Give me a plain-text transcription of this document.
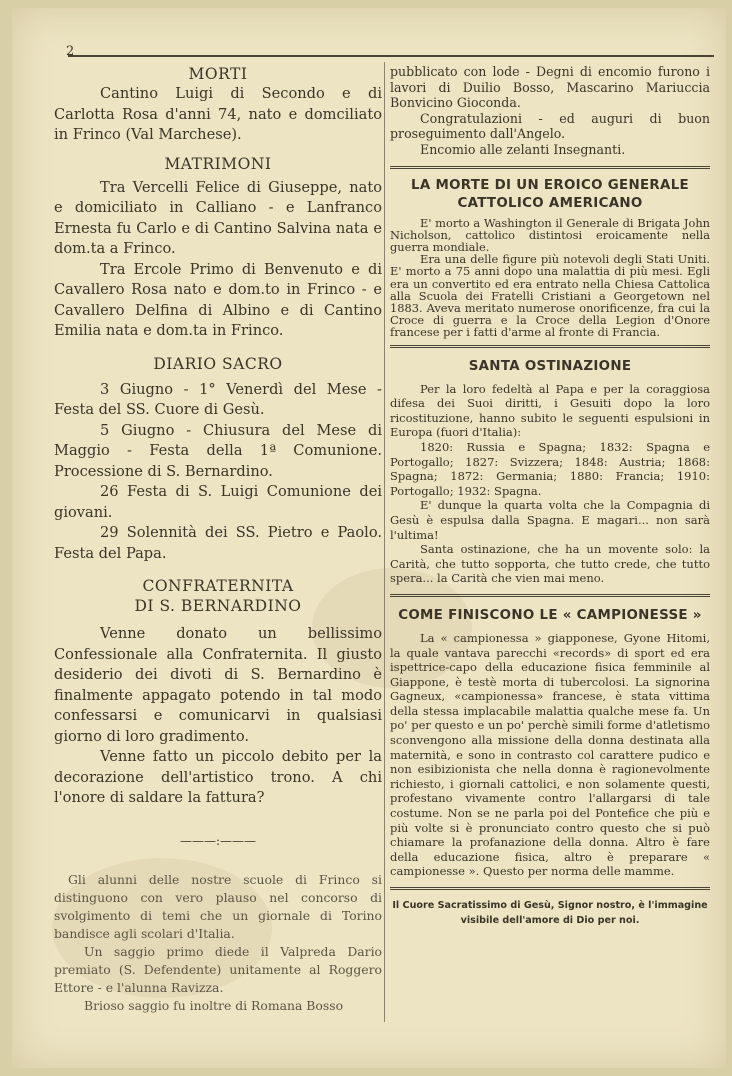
2
MORTI

Cantino Luigi di Secondo e di Carlotta Rosa d'anni 74, nato e domciliato in Frinco (Val Marchese).

MATRIMONI

Tra Vercelli Felice di Giuseppe, nato e domiciliato in Calliano - e Lanfranco Ernesta fu Carlo e di Cantino Salvina nata e dom.ta a Frinco.

Tra Ercole Primo di Benvenuto e di Cavallero Rosa nato e dom.to in Frinco - e Cavallero Delfina di Albino e di Cantino Emilia nata e dom.ta in Frinco.

DIARIO SACRO

3 Giugno - 1° Venerdì del Mese - Festa del SS. Cuore di Gesù.

5 Giugno - Chiusura del Mese di Maggio - Festa della 1ª Comunione. Processione di S. Bernardino.

26 Festa di S. Luigi Comunione dei giovani.

29 Solennità dei SS. Pietro e Paolo. Festa del Papa.

CONFRATERNITA
DI S. BERNARDINO

Venne donato un bellissimo Confessionale alla Confraternita. Il giusto desiderio dei divoti di S. Bernardino è finalmente appagato potendo in tal modo confessarsi e comunicarvi in qualsiasi giorno di loro gradimento.

Venne fatto un piccolo debito per la decorazione dell'artistico trono. A chi l'onore di saldare la fattura?

———:———

Gli alunni delle nostre scuole di Frinco si distinguono con vero plauso nel concorso di svolgimento di temi che un giornale di Torino bandisce agli scolari d'Italia.

Un saggio primo diede il Valpreda Dario premiato (S. Defendente) unitamente al Roggero Ettore - e l'alunna Ravizza.

Brioso saggio fu inoltre di Romana Bosso

pubblicato con lode - Degni di encomio furono i lavori di Duilio Bosso, Mascarino Mariuccia Bonvicino Gioconda.

Congratulazioni - ed auguri di buon proseguimento dall'Angelo.

Encomio alle zelanti Insegnanti.

LA MORTE DI UN EROICO GENERALE
CATTOLICO AMERICANO

E' morto a Washington il Generale di Brigata John Nicholson, cattolico distintosi eroicamente nella guerra mondiale.

Era una delle figure più notevoli degli Stati Uniti. E' morto a 75 anni dopo una malattia di più mesi. Egli era un convertito ed era entrato nella Chiesa Cattolica alla Scuola dei Fratelli Cristiani a Georgetown nel 1883. Aveva meritato numerose onorificenze, fra cui la Croce di guerra e la Croce della Legion d'Onore francese per i fatti d'arme al fronte di Francia.

SANTA OSTINAZIONE

Per la loro fedeltà al Papa e per la coraggiosa difesa dei Suoi diritti, i Gesuiti dopo la loro ricostituzione, hanno subito le seguenti espulsioni in Europa (fuori d'Italia):

1820: Russia e Spagna; 1832: Spagna e Portogallo; 1827: Svizzera; 1848: Austria; 1868: Spagna; 1872: Germania; 1880: Francia; 1910: Portogallo; 1932: Spagna.

E' dunque la quarta volta che la Compagnia di Gesù è espulsa dalla Spagna. E magari... non sarà l'ultima!

Santa ostinazione, che ha un movente solo: la Carità, che tutto sopporta, che tutto crede, che tutto spera... la Carità che vien mai meno.

COME FINISCONO LE « CAMPIONESSE »

La « campionessa » giapponese, Gyone Hitomi, la quale vantava parecchi «records» di sport ed era ispettrice-capo della educazione fisica femminile al Giappone, è testè morta di tubercolosi. La signorina Gagneux, «campionessa» francese, è stata vittima della stessa implacabile malattia qualche mese fa. Un po' per questo e un po' perchè simili forme d'atletismo sconvengono alla missione della donna destinata alla maternità, e sono in contrasto col carattere pudico e non esibizionista che nella donna è ragionevolmente richiesto, i giornali cattolici, e non solamente questi, profestano vivamente contro l'allargarsi di tale costume. Non se ne parla poi del Pontefice che più e più volte si è pronunciato contro questo che si può chiamare la profanazione della donna. Altro è fare della educazione fisica, altro è preparare « campionesse ». Questo per norma delle mamme.

Il Cuore Sacratissimo di Gesù, Signor nostro, è l'immagine visibile dell'amore di Dio per noi.
